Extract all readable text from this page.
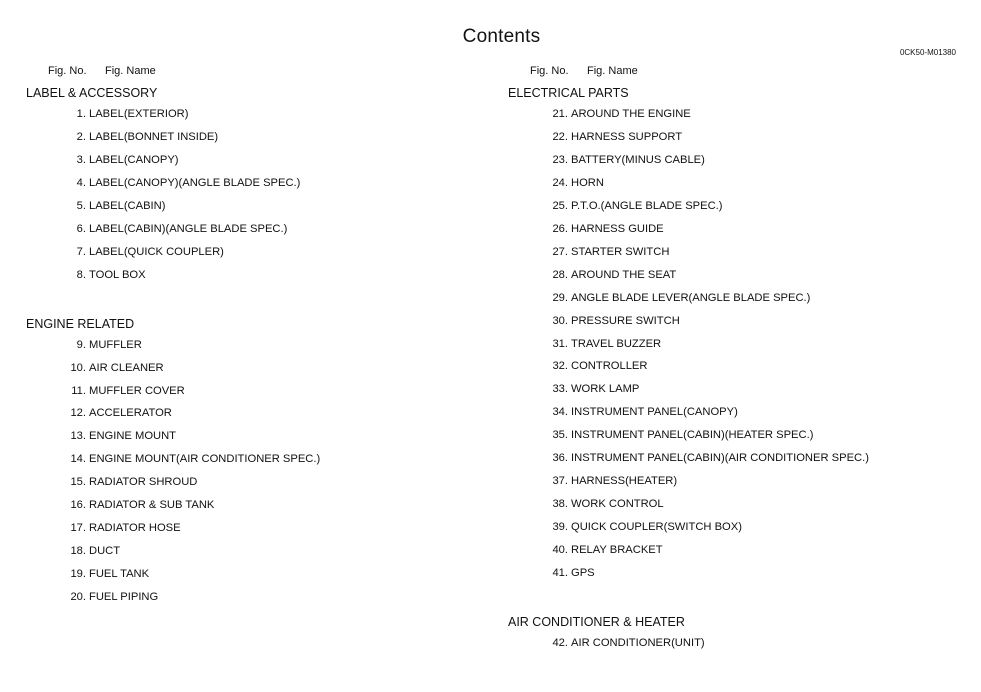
Contents
0CK50-M01380
Fig. No. Fig. Name
LABEL & ACCESSORY
1. LABEL(EXTERIOR)
2. LABEL(BONNET INSIDE)
3. LABEL(CANOPY)
4. LABEL(CANOPY)(ANGLE BLADE SPEC.)
5. LABEL(CABIN)
6. LABEL(CABIN)(ANGLE BLADE SPEC.)
7. LABEL(QUICK COUPLER)
8. TOOL BOX
ENGINE RELATED
9. MUFFLER
10. AIR CLEANER
11. MUFFLER COVER
12. ACCELERATOR
13. ENGINE MOUNT
14. ENGINE MOUNT(AIR CONDITIONER SPEC.)
15. RADIATOR SHROUD
16. RADIATOR & SUB TANK
17. RADIATOR HOSE
18. DUCT
19. FUEL TANK
20. FUEL PIPING
Fig. No. Fig. Name
ELECTRICAL PARTS
21. AROUND THE ENGINE
22. HARNESS SUPPORT
23. BATTERY(MINUS CABLE)
24. HORN
25. P.T.O.(ANGLE BLADE SPEC.)
26. HARNESS GUIDE
27. STARTER SWITCH
28. AROUND THE SEAT
29. ANGLE BLADE LEVER(ANGLE BLADE SPEC.)
30. PRESSURE SWITCH
31. TRAVEL BUZZER
32. CONTROLLER
33. WORK LAMP
34. INSTRUMENT PANEL(CANOPY)
35. INSTRUMENT PANEL(CABIN)(HEATER SPEC.)
36. INSTRUMENT PANEL(CABIN)(AIR CONDITIONER SPEC.)
37. HARNESS(HEATER)
38. WORK CONTROL
39. QUICK COUPLER(SWITCH BOX)
40. RELAY BRACKET
41. GPS
AIR CONDITIONER & HEATER
42. AIR CONDITIONER(UNIT)
